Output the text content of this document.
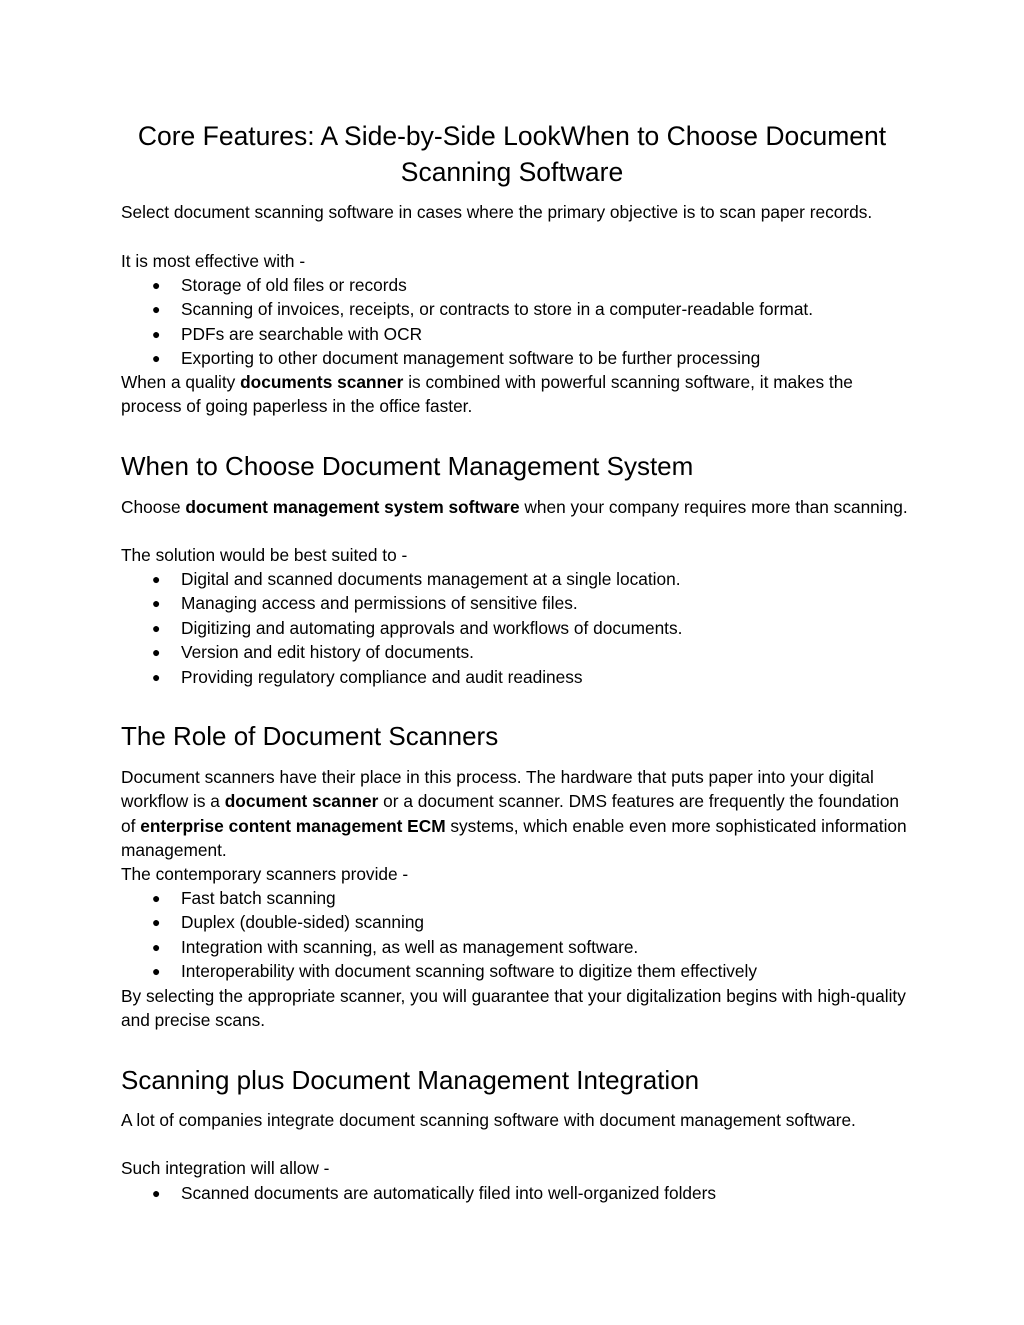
Core Features: A Side-by-Side LookWhen to Choose Document Scanning Software

Select document scanning software in cases where the primary objective is to scan paper records.

It is most effective with -

● Storage of old files or records
● Scanning of invoices, receipts, or contracts to store in a computer-readable format.
● PDFs are searchable with OCR
● Exporting to other document management software to be further processing

When a quality documents scanner is combined with powerful scanning software, it makes the process of going paperless in the office faster.

When to Choose Document Management System

Choose document management system software when your company requires more than scanning.

The solution would be best suited to -

● Digital and scanned documents management at a single location.
● Managing access and permissions of sensitive files.
● Digitizing and automating approvals and workflows of documents.
● Version and edit history of documents.
● Providing regulatory compliance and audit readiness
The Role of Document Scanners

Document scanners have their place in this process. The hardware that puts paper into your digital workflow is a document scanner or a document scanner. DMS features are frequently the foundation of enterprise content management ECM systems, which enable even more sophisticated information management.

The contemporary scanners provide -

● Fast batch scanning
● Duplex (double-sided) scanning
● Integration with scanning, as well as management software.
● Interoperability with document scanning software to digitize them effectively

By selecting the appropriate scanner, you will guarantee that your digitalization begins with high-quality and precise scans.

Scanning plus Document Management Integration

A lot of companies integrate document scanning software with document management software.

Such integration will allow -

● Scanned documents are automatically filed into well-organized folders
